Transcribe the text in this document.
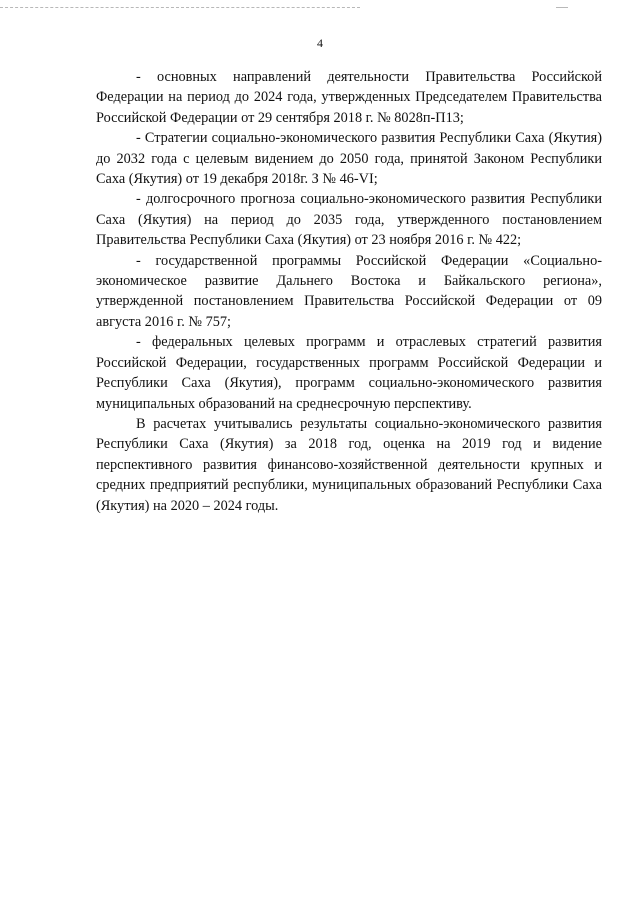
4

- основных направлений деятельности Правительства Российской Федерации на период до 2024 года, утвержденных Председателем Правительства Российской Федерации от 29 сентября 2018 г. № 8028п-П13;

- Стратегии социально-экономического развития Республики Саха (Якутия) до 2032 года с целевым видением до 2050 года, принятой Законом Республики Саха (Якутия) от 19 декабря 2018г. З № 46-VI;

- долгосрочного прогноза социально-экономического развития Республики Саха (Якутия) на период до 2035 года, утвержденного постановлением Правительства Республики Саха (Якутия) от 23 ноября 2016 г. № 422;

- государственной программы Российской Федерации «Социально-экономическое развитие Дальнего Востока и Байкальского региона», утвержденной постановлением Правительства Российской Федерации от 09 августа 2016 г. № 757;

- федеральных целевых программ и отраслевых стратегий развития Российской Федерации, государственных программ Российской Федерации и Республики Саха (Якутия), программ социально-экономического развития муниципальных образований на среднесрочную перспективу.

В расчетах учитывались результаты социально-экономического развития Республики Саха (Якутия) за 2018 год, оценка на 2019 год и видение перспективного развития финансово-хозяйственной деятельности крупных и средних предприятий республики, муниципальных образований Республики Саха (Якутия) на 2020 – 2024 годы.
